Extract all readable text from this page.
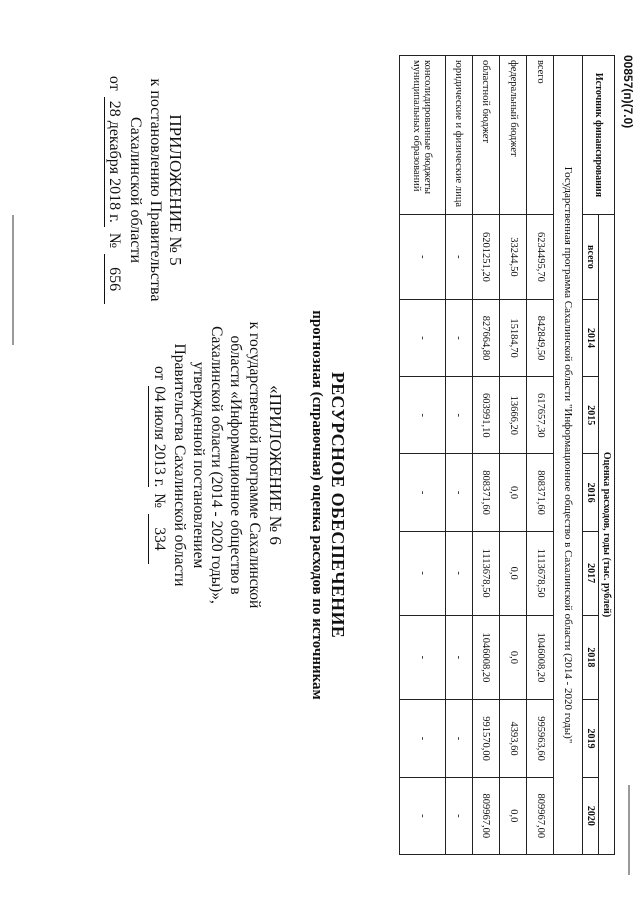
ПРИЛОЖЕНИЕ № 5
к постановлению Правительства
Сахалинской области
от
28 декабря 2018 г.
№
656
«ПРИЛОЖЕНИЕ № 6
к государственной программе Сахалинской
области «Информационное общество в
Сахалинской области (2014 - 2020 годы)»,
утвержденной постановлением
Правительства Сахалинской области
от
04 июля 2013 г.
№
334	РЕСУРСНОЕ ОБЕСПЕЧЕНИЕ
прогнозная (справочная) оценка расходов по источникам
Источник финансирования	Оценка расходов, годы (тыс. рублей)							
	всего	2014	2015	2016	2017	2018	2019	2020
Государственная программа Сахалинской области "Информационное общество в Сахалинской области (2014 - 2020 годы)"								
всего	6234495,70	842849,50	617657,30	808371,60	1113678,50	1046008,20	995963,60	809967,00
федеральный бюджет	33244,50	15184,70	13666,20	0,0	0,0	0,0	4393,60	0,0
областной бюджет	6201251,20	827664,80	603991,10	808371,60	1113678,50	1046008,20	991570,00	809967,00
юридические и физические лица	-	-	-	-	-	-	-	-
консолидированные бюджеты муниципальных образований	-	-	-	-	-	-	-	-
00857(п)(7.0)
